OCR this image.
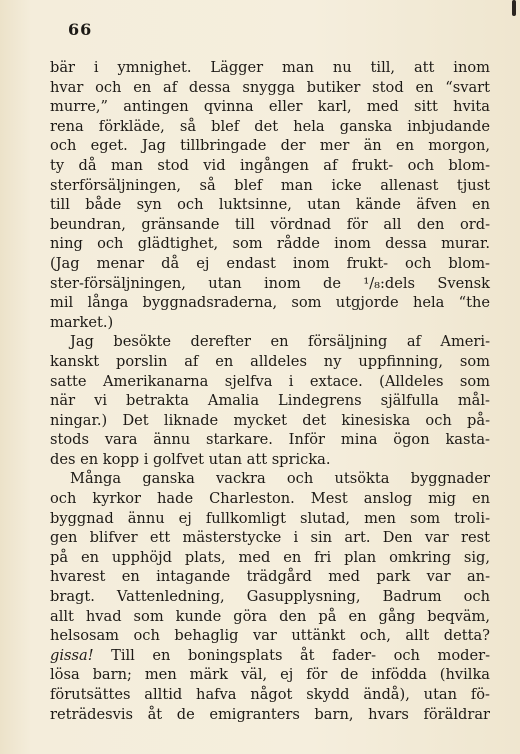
66

bär i ymnighet. Lägger man nu till, att inom
hvar och en af dessa snygga butiker stod en “svart
murre,” antingen qvinna eller karl, med sitt hvita
rena förkläde, så blef det hela ganska inbjudande
och eget. Jag tillbringade der mer än en morgon,
ty då man stod vid ingången af frukt- och blom-
sterförsäljningen, så blef man icke allenast tjust
till både syn och luktsinne, utan kände äfven en
beundran, gränsande till vördnad för all den ord-
ning och glädtighet, som rådde inom dessa murar.
(Jag menar då ej endast inom frukt- och blom-
ster-försäljningen, utan inom de ¹/₈:dels Svensk
mil långa byggnadsraderna, som utgjorde hela “the
market.)
Jag besökte derefter en försäljning af Ameri-
kanskt porslin af en alldeles ny uppfinning, som
satte Amerikanarna sjelfva i extace. (Alldeles som
när vi betrakta Amalia Lindegrens själfulla mål-
ningar.) Det liknade mycket det kinesiska och på-
stods vara ännu starkare. Inför mina ögon kasta-
des en kopp i golfvet utan att spricka.
Många ganska vackra och utsökta byggnader
och kyrkor hade Charleston. Mest anslog mig en
byggnad ännu ej fullkomligt slutad, men som troli-
gen blifver ett mästerstycke i sin art. Den var rest
på en upphöjd plats, med en fri plan omkring sig,
hvarest en intagande trädgård med park var an-
bragt. Vattenledning, Gasupplysning, Badrum och
allt hvad som kunde göra den på en gång beqväm,
helsosam och behaglig var uttänkt och, allt detta?
gissa! Till en boningsplats åt fader- och moder-
lösa barn; men märk väl, ej för de infödda (hvilka
förutsättes alltid hafva något skydd ändå), utan fö-
reträdesvis åt de emigranters barn, hvars föräldrar
